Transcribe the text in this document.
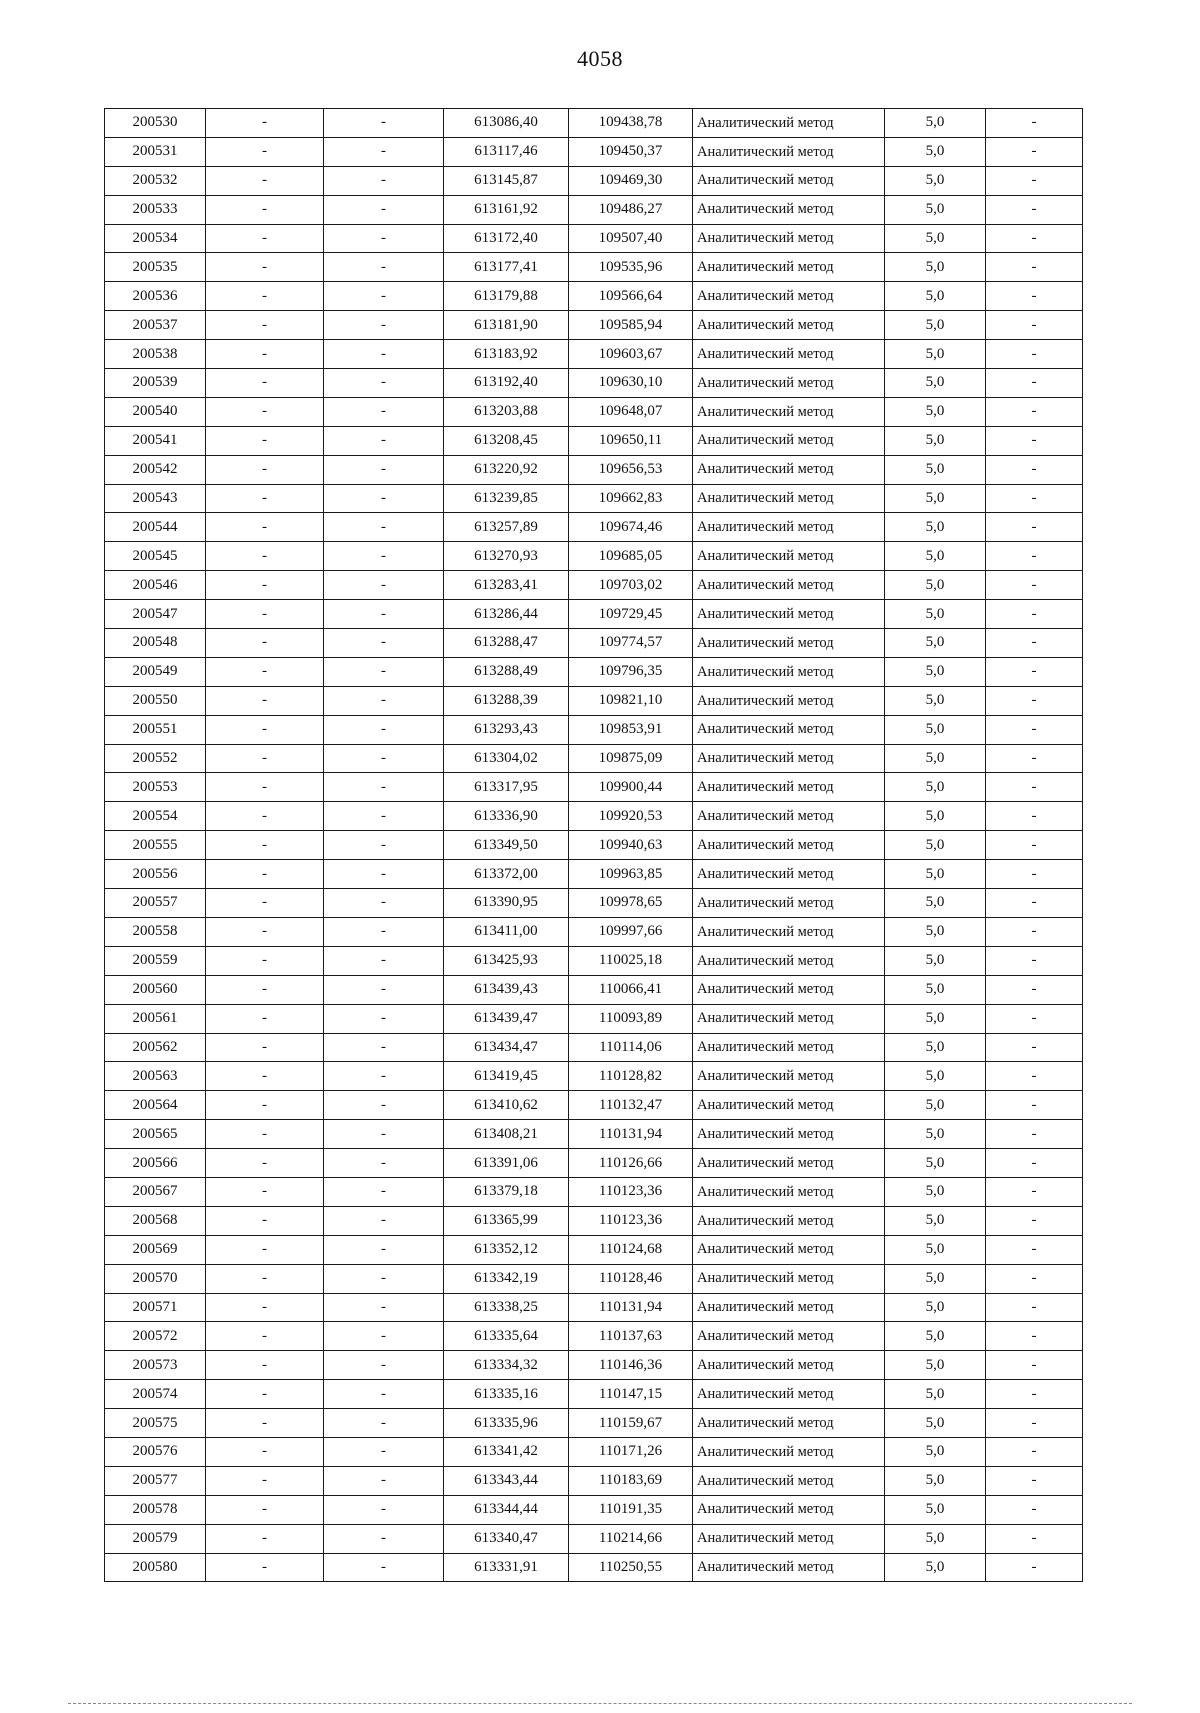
4058
200530	-	-	613086,40	109438,78	Аналитический метод	5,0	-
200531	-	-	613117,46	109450,37	Аналитический метод	5,0	-
200532	-	-	613145,87	109469,30	Аналитический метод	5,0	-
200533	-	-	613161,92	109486,27	Аналитический метод	5,0	-
200534	-	-	613172,40	109507,40	Аналитический метод	5,0	-
200535	-	-	613177,41	109535,96	Аналитический метод	5,0	-
200536	-	-	613179,88	109566,64	Аналитический метод	5,0	-
200537	-	-	613181,90	109585,94	Аналитический метод	5,0	-
200538	-	-	613183,92	109603,67	Аналитический метод	5,0	-
200539	-	-	613192,40	109630,10	Аналитический метод	5,0	-
200540	-	-	613203,88	109648,07	Аналитический метод	5,0	-
200541	-	-	613208,45	109650,11	Аналитический метод	5,0	-
200542	-	-	613220,92	109656,53	Аналитический метод	5,0	-
200543	-	-	613239,85	109662,83	Аналитический метод	5,0	-
200544	-	-	613257,89	109674,46	Аналитический метод	5,0	-
200545	-	-	613270,93	109685,05	Аналитический метод	5,0	-
200546	-	-	613283,41	109703,02	Аналитический метод	5,0	-
200547	-	-	613286,44	109729,45	Аналитический метод	5,0	-
200548	-	-	613288,47	109774,57	Аналитический метод	5,0	-
200549	-	-	613288,49	109796,35	Аналитический метод	5,0	-
200550	-	-	613288,39	109821,10	Аналитический метод	5,0	-
200551	-	-	613293,43	109853,91	Аналитический метод	5,0	-
200552	-	-	613304,02	109875,09	Аналитический метод	5,0	-
200553	-	-	613317,95	109900,44	Аналитический метод	5,0	-
200554	-	-	613336,90	109920,53	Аналитический метод	5,0	-
200555	-	-	613349,50	109940,63	Аналитический метод	5,0	-
200556	-	-	613372,00	109963,85	Аналитический метод	5,0	-
200557	-	-	613390,95	109978,65	Аналитический метод	5,0	-
200558	-	-	613411,00	109997,66	Аналитический метод	5,0	-
200559	-	-	613425,93	110025,18	Аналитический метод	5,0	-
200560	-	-	613439,43	110066,41	Аналитический метод	5,0	-
200561	-	-	613439,47	110093,89	Аналитический метод	5,0	-
200562	-	-	613434,47	110114,06	Аналитический метод	5,0	-
200563	-	-	613419,45	110128,82	Аналитический метод	5,0	-
200564	-	-	613410,62	110132,47	Аналитический метод	5,0	-
200565	-	-	613408,21	110131,94	Аналитический метод	5,0	-
200566	-	-	613391,06	110126,66	Аналитический метод	5,0	-
200567	-	-	613379,18	110123,36	Аналитический метод	5,0	-
200568	-	-	613365,99	110123,36	Аналитический метод	5,0	-
200569	-	-	613352,12	110124,68	Аналитический метод	5,0	-
200570	-	-	613342,19	110128,46	Аналитический метод	5,0	-
200571	-	-	613338,25	110131,94	Аналитический метод	5,0	-
200572	-	-	613335,64	110137,63	Аналитический метод	5,0	-
200573	-	-	613334,32	110146,36	Аналитический метод	5,0	-
200574	-	-	613335,16	110147,15	Аналитический метод	5,0	-
200575	-	-	613335,96	110159,67	Аналитический метод	5,0	-
200576	-	-	613341,42	110171,26	Аналитический метод	5,0	-
200577	-	-	613343,44	110183,69	Аналитический метод	5,0	-
200578	-	-	613344,44	110191,35	Аналитический метод	5,0	-
200579	-	-	613340,47	110214,66	Аналитический метод	5,0	-
200580	-	-	613331,91	110250,55	Аналитический метод	5,0	-
